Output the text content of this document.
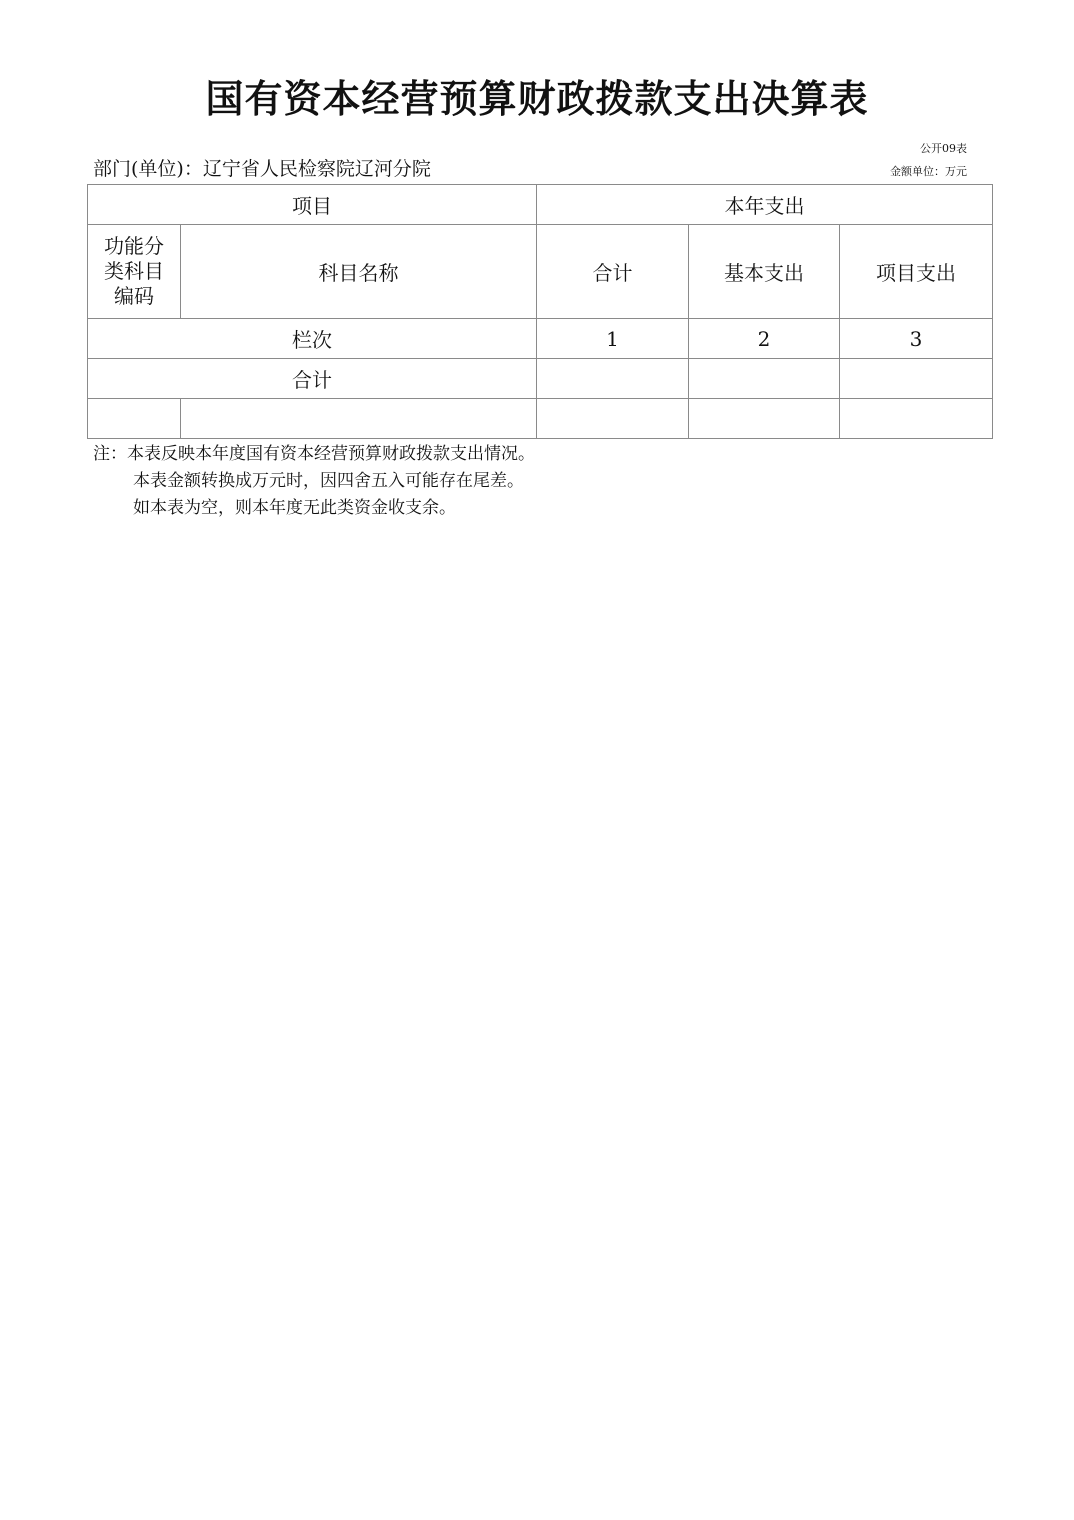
国有资本经营预算财政拨款支出决算表
公开09表
部门(单位)：辽宁省人民检察院辽河分院	金额单位：万元
项目		本年支出		

功能分
类科目
编码	科目名称	合计	基本支出	项目支出
栏次		1	2	3
合计				

注：本表反映本年度国有资本经营预算财政拨款支出情况。
本表金额转换成万元时，因四舍五入可能存在尾差。
如本表为空，则本年度无此类资金收支余。
